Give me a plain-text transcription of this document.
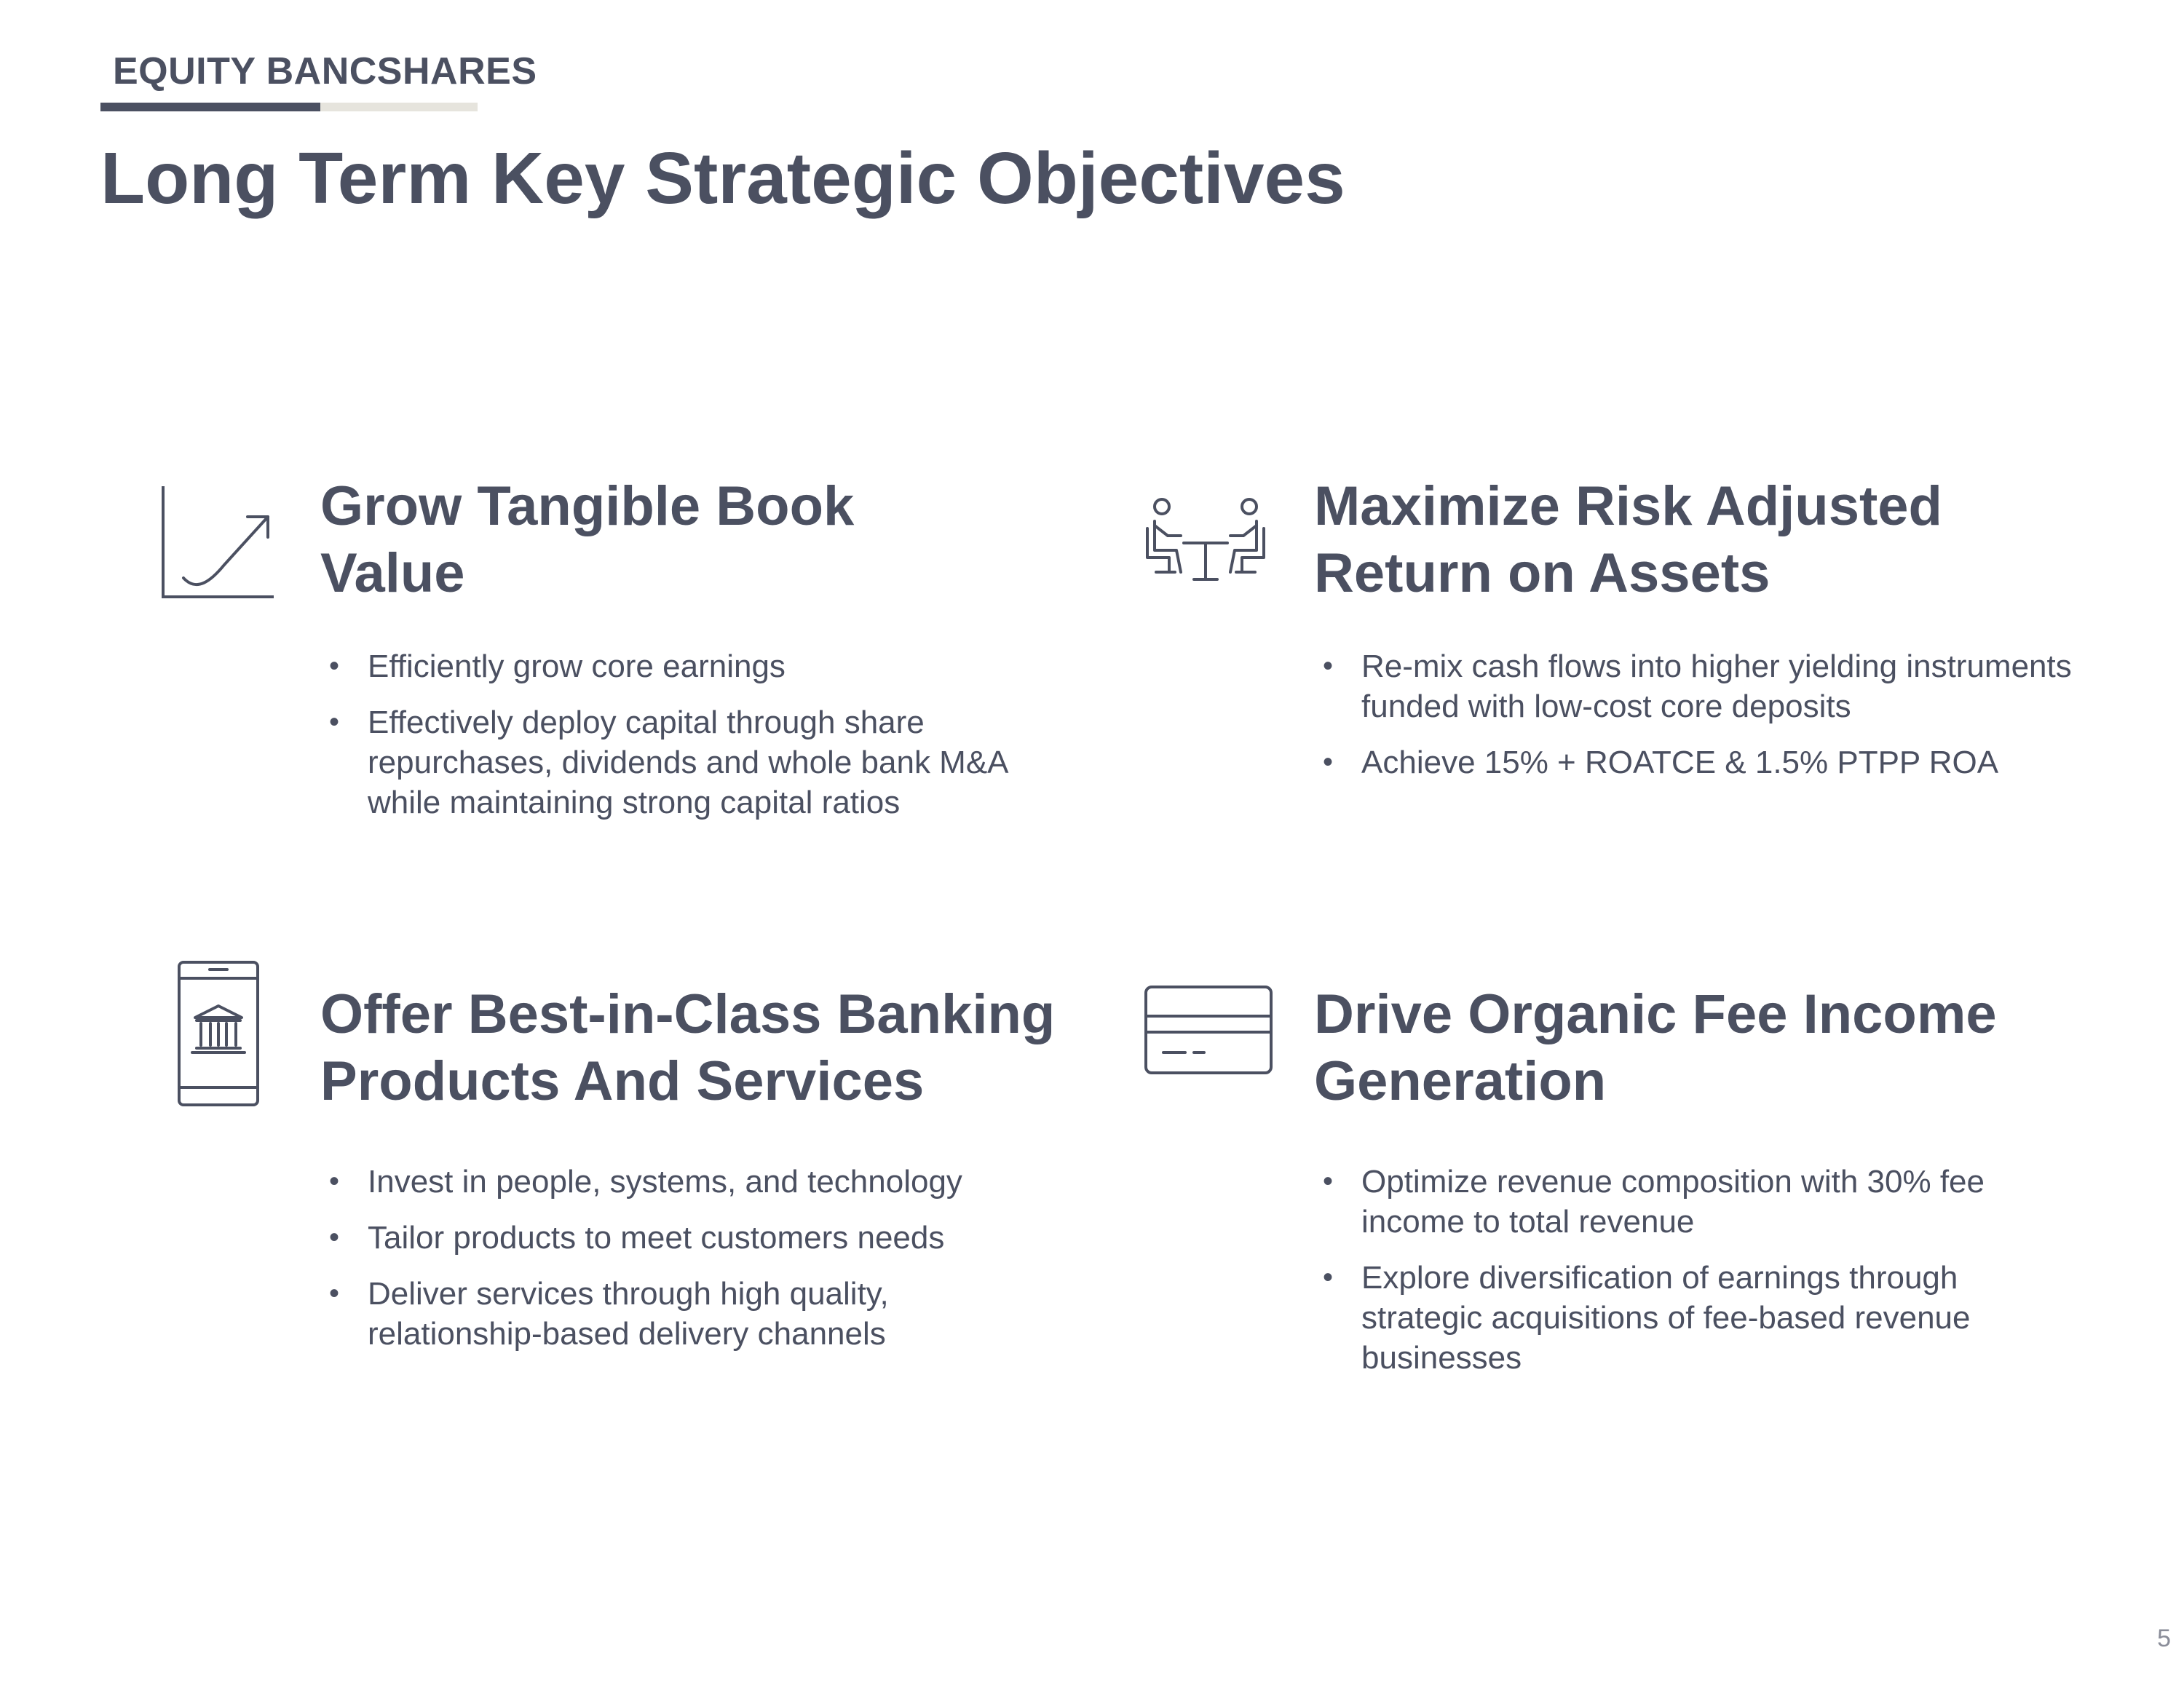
EQUITY BANCSHARES
Long Term Key Strategic Objectives
Grow Tangible Book
Value
• Efficiently grow core earnings
• Effectively deploy capital through share repurchases, dividends and whole bank M&A while maintaining strong capital ratios
Maximize Risk Adjusted
Return on Assets
• Re-mix cash flows into higher yielding instruments funded with low-cost core deposits
• Achieve 15% + ROATCE & 1.5% PTPP ROA
Offer Best-in-Class Banking
Products And Services
• Invest in people, systems, and technology
• Tailor products to meet customers needs
• Deliver services through high quality, relationship-based delivery channels
Drive Organic Fee Income
Generation
• Optimize revenue composition with 30% fee income to total revenue
• Explore diversification of earnings through strategic acquisitions of fee-based revenue businesses
5
